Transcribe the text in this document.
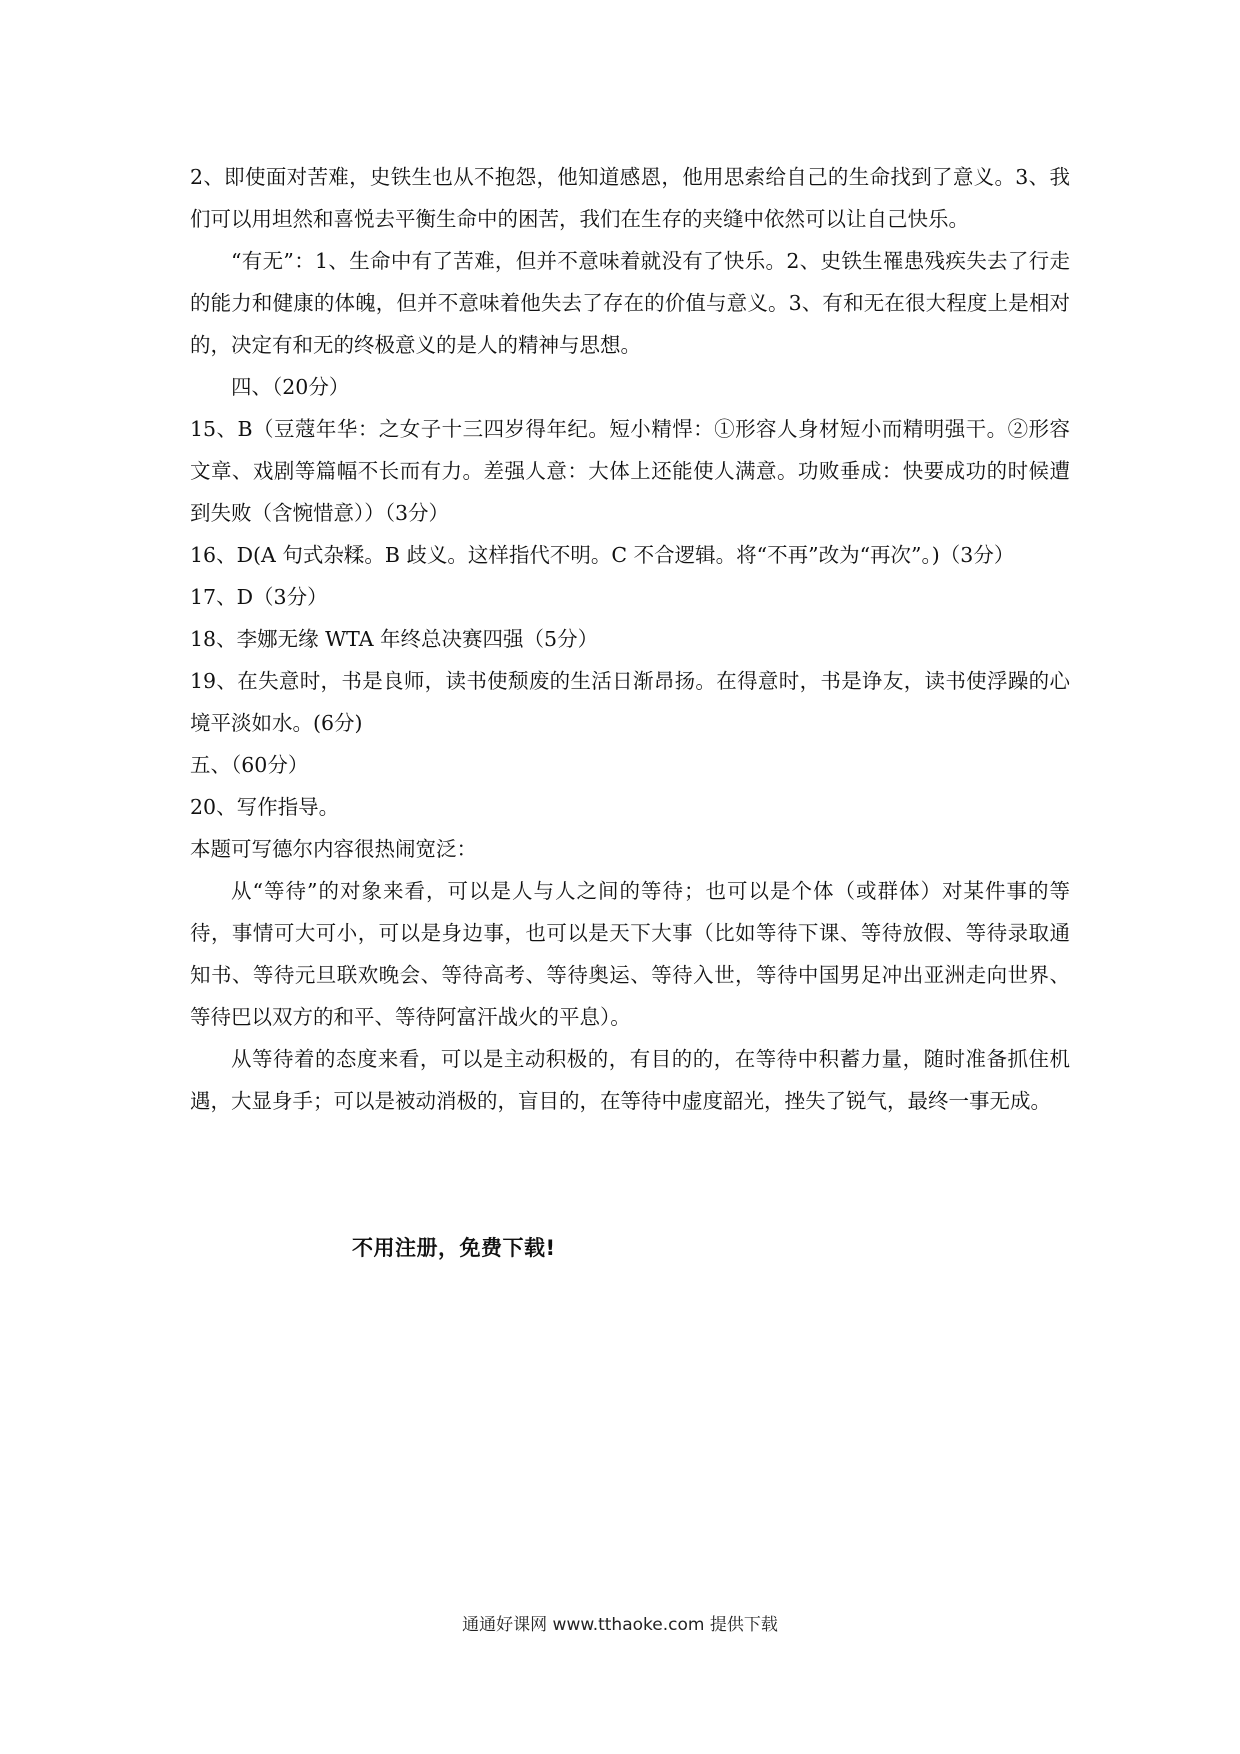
2、即使面对苦难，史铁生也从不抱怨，他知道感恩，他用思索给自己的生命找到了意义。3、我们可以用坦然和喜悦去平衡生命中的困苦，我们在生存的夹缝中依然可以让自己快乐。

“有无”：1、生命中有了苦难，但并不意味着就没有了快乐。2、史铁生罹患残疾失去了行走的能力和健康的体魄，但并不意味着他失去了存在的价值与意义。3、有和无在很大程度上是相对的，决定有和无的终极意义的是人的精神与思想。

四、（20分）

15、B（豆蔻年华：之女子十三四岁得年纪。短小精悍：①形容人身材短小而精明强干。②形容文章、戏剧等篇幅不长而有力。差强人意：大体上还能使人满意。功败垂成：快要成功的时候遭到失败（含惋惜意））（3分）

16、D(A 句式杂糅。B 歧义。这样指代不明。C 不合逻辑。将“不再”改为“再次”。)（3分）

17、D（3分）

18、李娜无缘 WTA 年终总决赛四强（5分）

19、在失意时，书是良师，读书使颓废的生活日渐昂扬。在得意时，书是诤友，读书使浮躁的心境平淡如水。(6分)

五、（60分）

20、写作指导。

本题可写德尔内容很热闹宽泛：

从“等待”的对象来看，可以是人与人之间的等待；也可以是个体（或群体）对某件事的等待，事情可大可小，可以是身边事，也可以是天下大事（比如等待下课、等待放假、等待录取通知书、等待元旦联欢晚会、等待高考、等待奥运、等待入世，等待中国男足冲出亚洲走向世界、等待巴以双方的和平、等待阿富汗战火的平息）。

从等待着的态度来看，可以是主动积极的，有目的的，在等待中积蓄力量，随时准备抓住机遇，大显身手；可以是被动消极的，盲目的，在等待中虚度韶光，挫失了锐气，最终一事无成。

不用注册，免费下载!
通通好课网 www.tthaoke.com 提供下载
